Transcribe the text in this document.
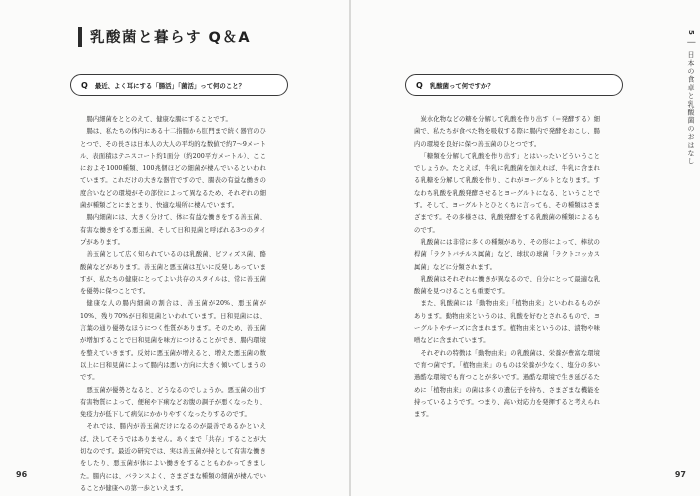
乳酸菌と暮らす Q＆A
Q 最近、よく耳にする「腸活」「菌活」って何のこと？

腸内細菌をととのえて、健康な腸にすることです。

腸は、私たちの体内にある十二指腸から肛門まで続く器官のひとつで、その長さは日本人の大人の平均的な数値で約7〜9メートル、表面積はテニスコート約1面分（約200平方メートル）、ここにおよそ1000種類、100兆個ほどの細菌が棲んでいるといわれています。これだけの大きな器官ですので、腸表の有益な働きの度合いなどの環境がその部位によって異なるため、それぞれの細菌が種類ごとにまとまり、快適な場所に棲んでいます。

腸内細菌には、大きく分けて、体に有益な働きをする善玉菌、有害な働きをする悪玉菌、そして日和見菌と呼ばれる3つのタイプがあります。

善玉菌として広く知られているのは乳酸菌、ビフィズス菌、酪酸菌などがあります。善玉菌と悪玉菌は互いに反発しあっていますが、私たちの健康にとってよい共存のスタイルは、常に善玉菌を優勢に保つことです。

健康な人の腸内細菌の割合は、善玉菌が20%、悪玉菌が10%、残り70%が日和見菌といわれています。日和見菌には、言葉の通り優勢なほうにつく性質があります。そのため、善玉菌が増加することで日和見菌を味方につけることができ、腸内環境を整えていきます。反対に悪玉菌が増えると、増えた悪玉菌の数以上に日和見菌によって腸内は悪い方向に大きく傾いてしまうのです。

悪玉菌が優勢となると、どうなるのでしょうか。悪玉菌の出す有害物質によって、便秘や下痢などお腹の調子が悪くなったり、免疫力が低下して病気にかかりやすくなったりするのです。

それでは、腸内が善玉菌だけになるのが最善であるかといえば、決してそうではありません。あくまで「共存」することが大切なのです。最近の研究では、実は善玉菌が持として有害な働きをしたり、悪玉菌が体によい働きをすることもわかってきました。腸内には、バランスよく、さまざまな種類の細菌が棲んでいることが健康への第一歩といえます。

96
Q 乳酸菌って何ですか？

炭水化物などの糖を分解して乳酸を作り出す（＝発酵する）細菌で、私たちが食べた物を吸収する際に腸内で発酵をおこし、腸内の環境を良好に保つ善玉菌のひとつです。

「糖類を分解して乳酸を作り出す」とはいったいどういうことでしょうか。たとえば、牛乳に乳酸菌を加えれば、牛乳に含まれる乳糖を分解して乳酸を作り、これがヨーグルトとなります。すなわち乳酸を乳酸発酵させるとヨーグルトになる、ということです。そして、ヨーグルトとひとくちに言っても、その種類はさまざまです。その多様さは、乳酸発酵をする乳酸菌の種類によるものです。

乳酸菌には非常に多くの種類があり、その形によって、棒状の桿菌「ラクトバチルス属菌」など、球状の球菌「ラクトコッカス属菌」などに分類されます。

乳酸菌はそれぞれに働きが異なるので、自分にとって最適な乳酸菌を見つけることも重要です。

また、乳酸菌には「動物由来」「植物由来」といわれるものがあります。動物由来というのは、乳酸を好むとされるもので、ヨーグルトやチーズに含まれます。植物由来というのは、漬物や味噌などに含まれています。

それぞれの特徴は「動物由来」の乳酸菌は、栄養が豊富な環境で育つ菌です。「植物由来」のものは栄養が少なく、塩分の多い過酷な環境でも育つことが多いです。過酷な環境で生き延びるために「植物由来」の菌は多くの遺伝子を持ち、さまざまな機能を持っているようです。つまり、高い対応力を発揮すると考えられます。

5 │ 日本の食卓と乳酸菌のおはなし
97
